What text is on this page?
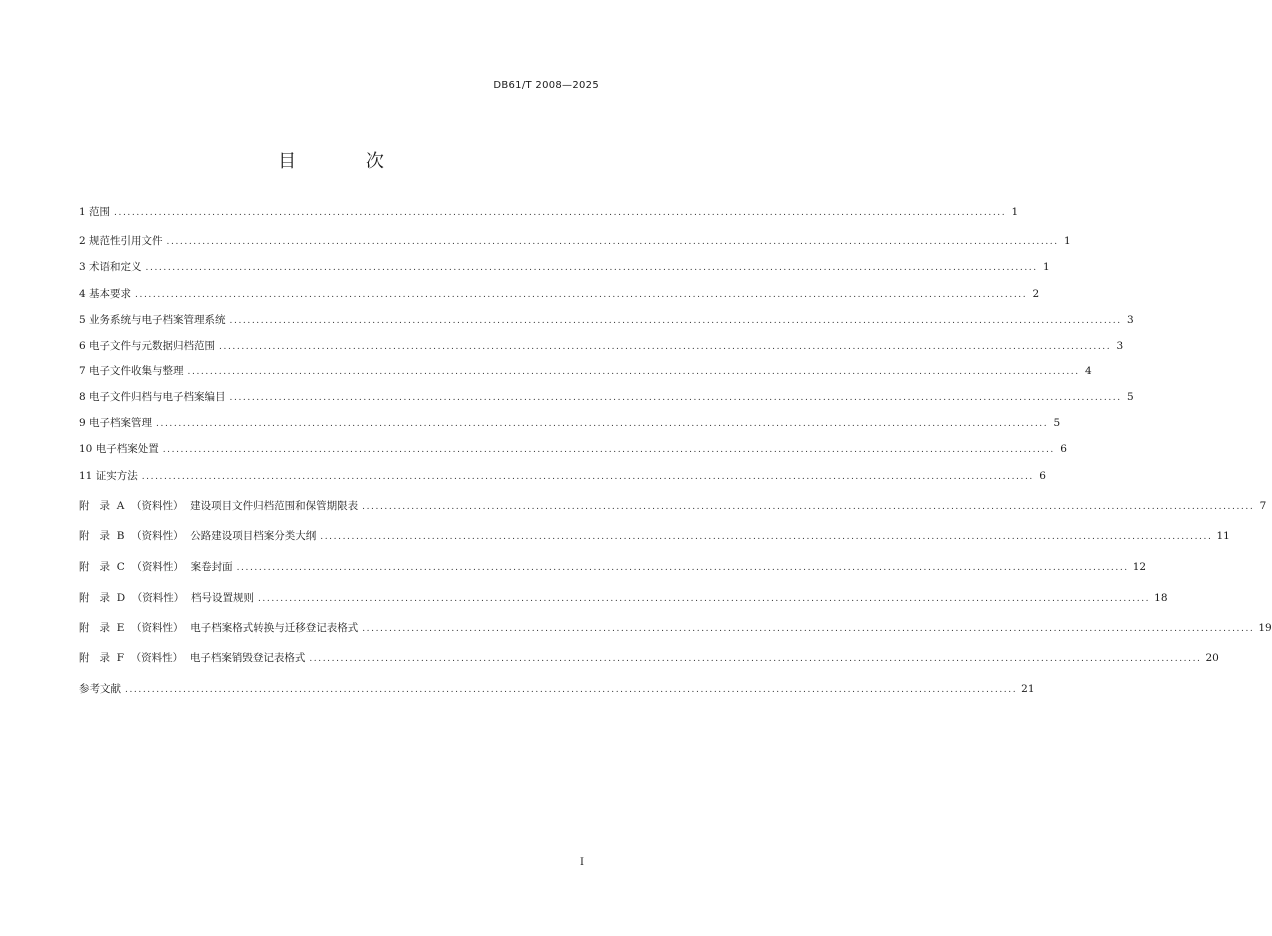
DB61/T 2008—2025
目 次
1 范围 ........................................................................................................................................................................................................ 1
2 规范性引用文件 ........................................................................................................................................................................................................ 1
3 术语和定义 ........................................................................................................................................................................................................ 1
4 基本要求 ........................................................................................................................................................................................................ 2
5 业务系统与电子档案管理系统 ........................................................................................................................................................................................................ 3
6 电子文件与元数据归档范围 ........................................................................................................................................................................................................ 3
7 电子文件收集与整理 ........................................................................................................................................................................................................ 4
8 电子文件归档与电子档案编目 ........................................................................................................................................................................................................ 5
9 电子档案管理 ........................................................................................................................................................................................................ 5
10 电子档案处置 ........................................................................................................................................................................................................ 6
11 证实方法 ........................................................................................................................................................................................................ 6
附   录  A  （资料性）  建设项目文件归档范围和保管期限表 ........................................................................................................................................................................................................ 7
附   录  B  （资料性）  公路建设项目档案分类大纲 ........................................................................................................................................................................................................ 11
附   录  C  （资料性）  案卷封面 ........................................................................................................................................................................................................ 12
附   录  D  （资料性）  档号设置规则 ........................................................................................................................................................................................................ 18
附   录  E  （资料性）  电子档案格式转换与迁移登记表格式 ........................................................................................................................................................................................................ 19
附   录  F  （资料性）  电子档案销毁登记表格式 ........................................................................................................................................................................................................ 20
参考文献 ........................................................................................................................................................................................................ 21
I
